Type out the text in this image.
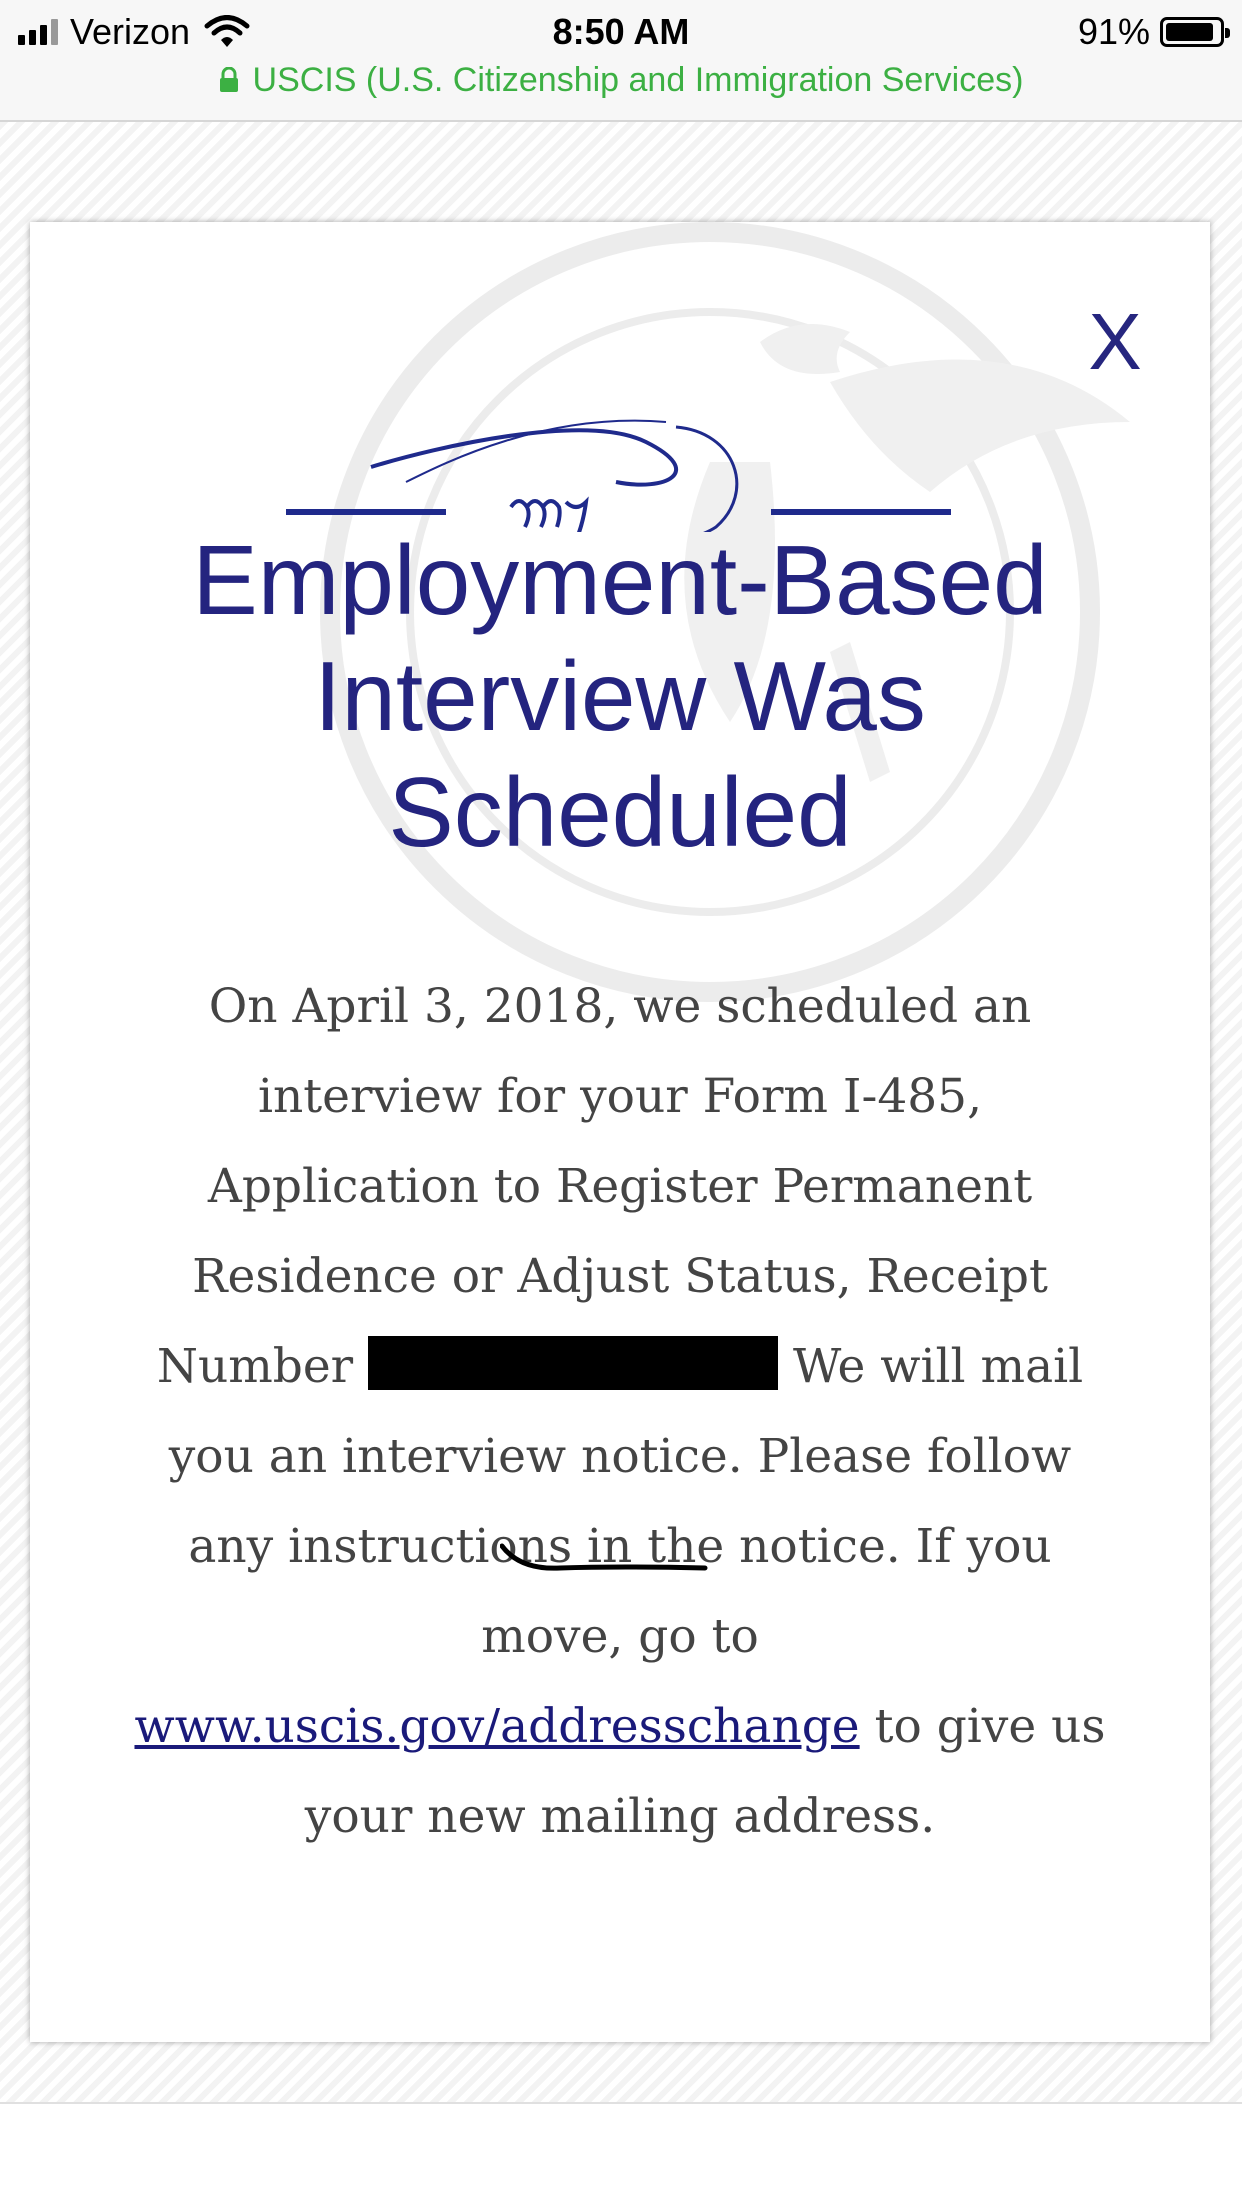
Verizon	8:50 AM	91%
USCIS (U.S. Citizenship and Immigration Services)
X
Employment-Based
Interview Was
Scheduled

On April 3, 2018, we scheduled an interview for your Form I-485, Application to Register Permanent Residence or Adjust Status, Receipt Number	We will mail you an interview notice. Please follow any instructions in the notice. If you move, go to www.uscis.gov/addresschange to give us your new mailing address.
